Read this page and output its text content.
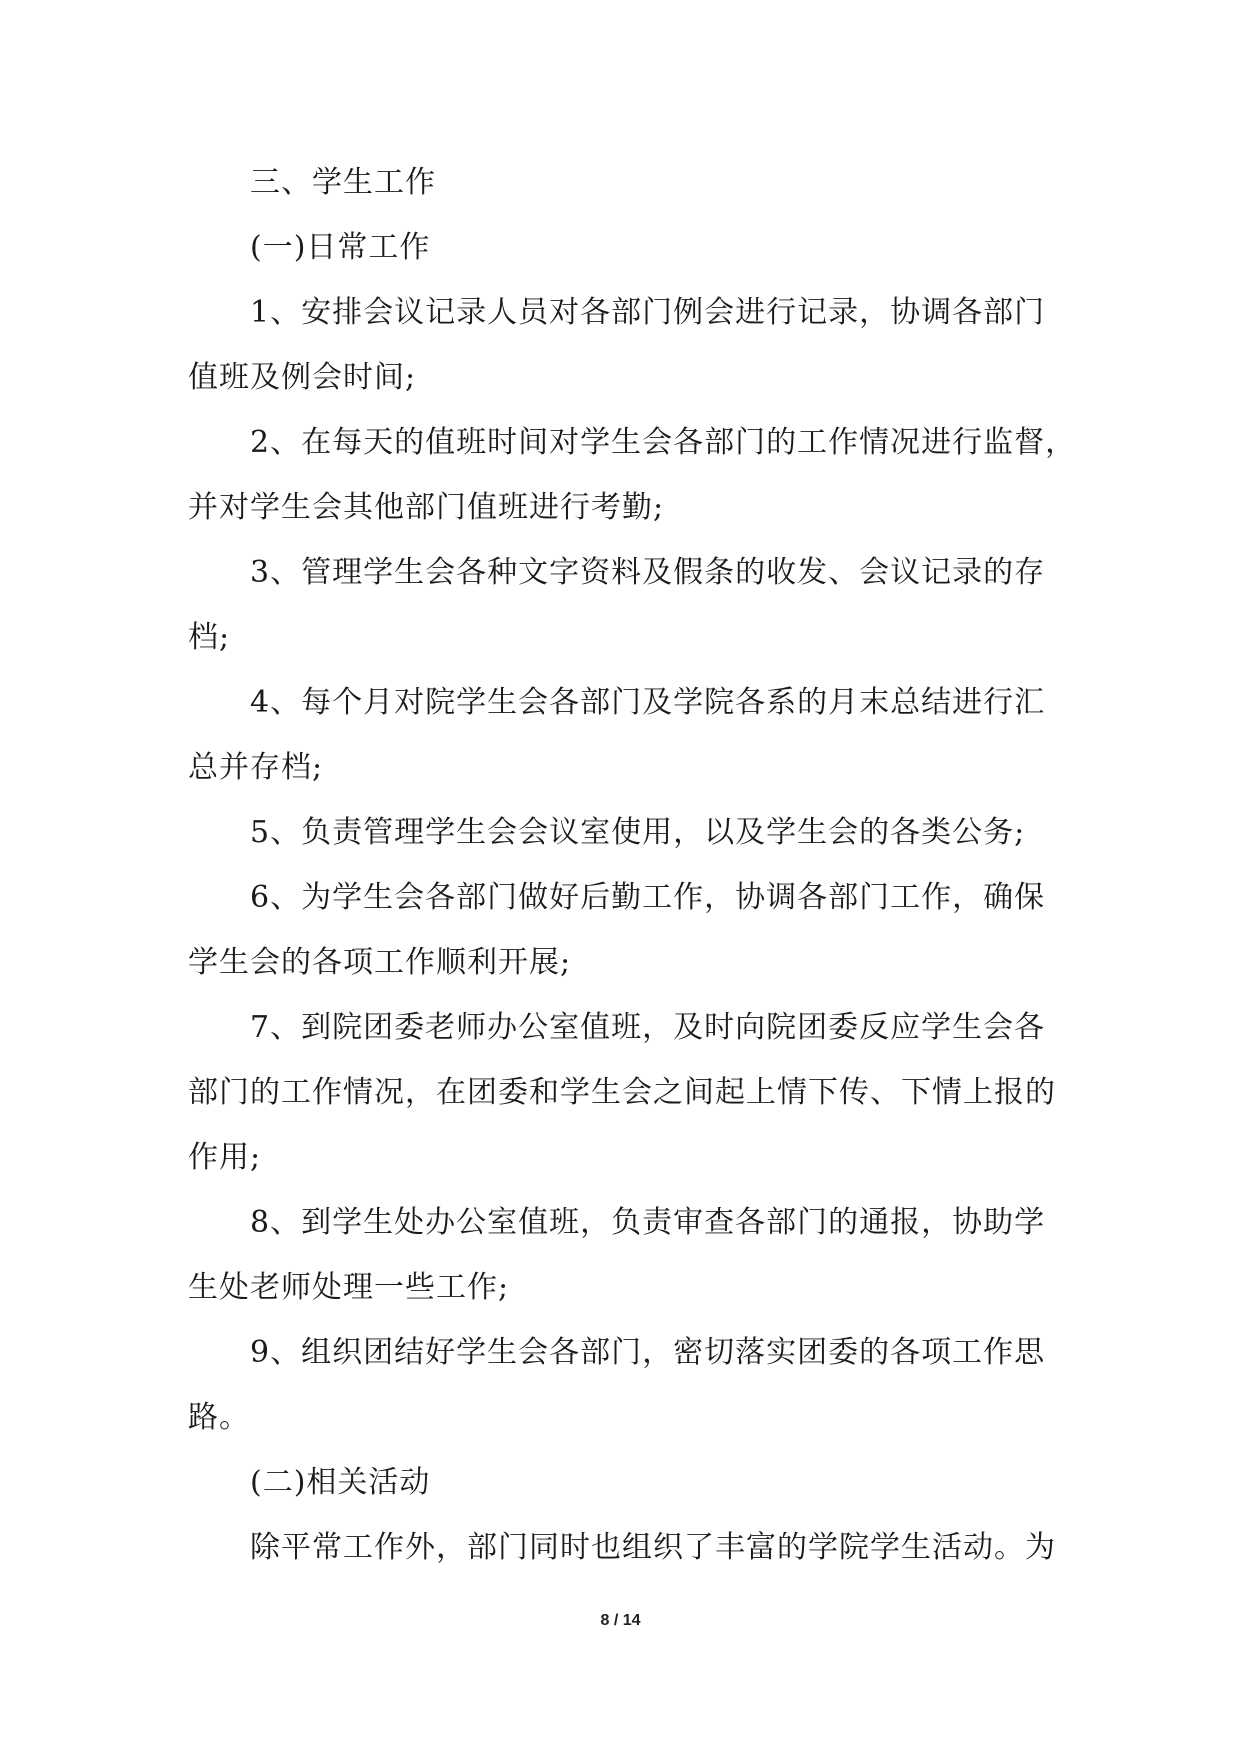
三、学生工作
(一)日常工作
1、安排会议记录人员对各部门例会进行记录，协调各部门
值班及例会时间;
2、在每天的值班时间对学生会各部门的工作情况进行监督，
并对学生会其他部门值班进行考勤;
3、管理学生会各种文字资料及假条的收发、会议记录的存
档;
4、每个月对院学生会各部门及学院各系的月末总结进行汇
总并存档;
5、负责管理学生会会议室使用，以及学生会的各类公务;
6、为学生会各部门做好后勤工作，协调各部门工作，确保
学生会的各项工作顺利开展;
7、到院团委老师办公室值班，及时向院团委反应学生会各
部门的工作情况，在团委和学生会之间起上情下传、下情上报的
作用;
8、到学生处办公室值班，负责审查各部门的通报，协助学
生处老师处理一些工作;
9、组织团结好学生会各部门，密切落实团委的各项工作思
路。
(二)相关活动
除平常工作外，部门同时也组织了丰富的学院学生活动。为
8 / 14
